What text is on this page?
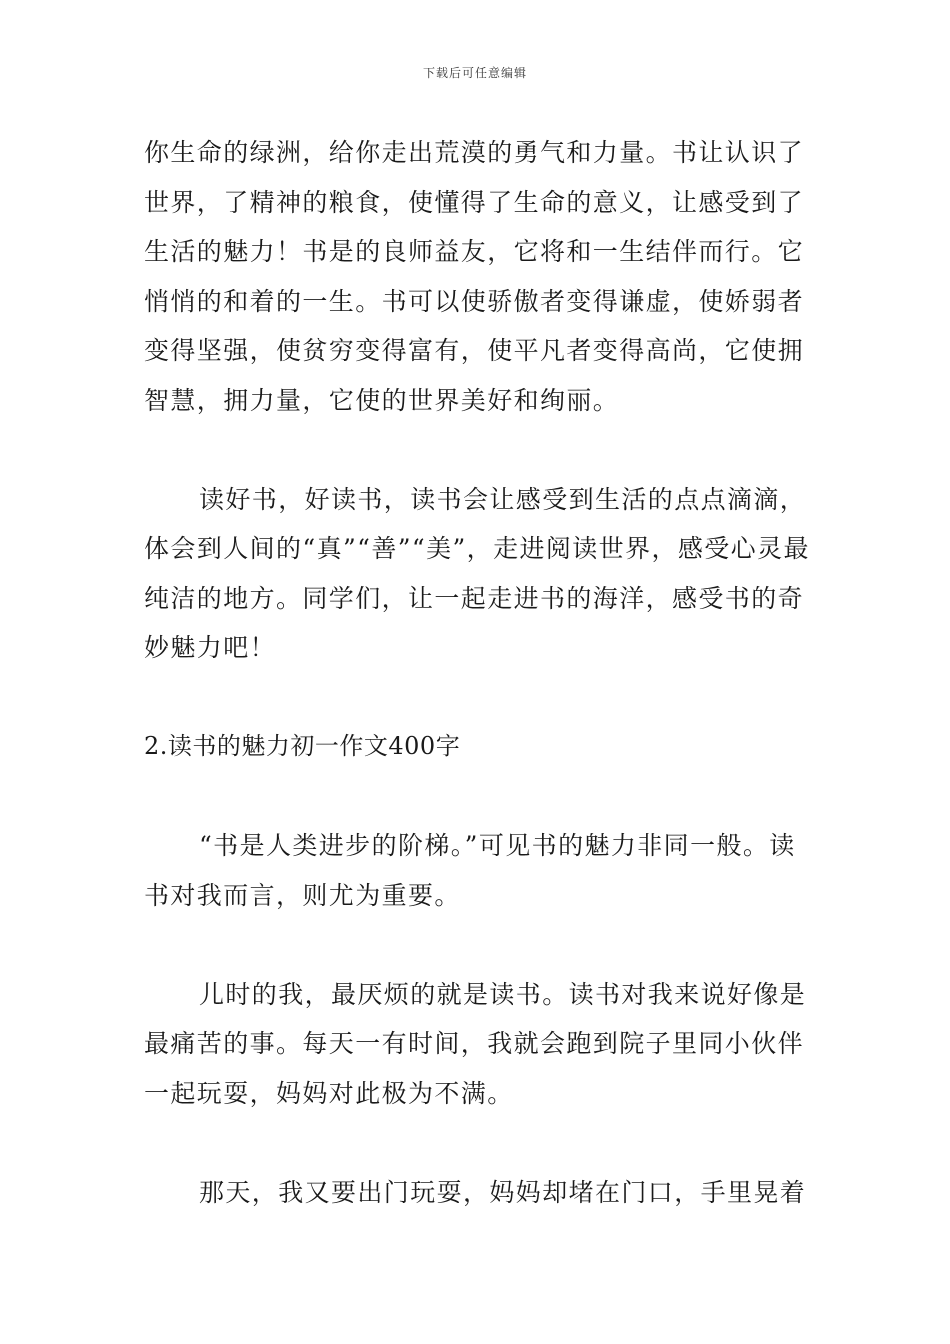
下载后可任意编辑

你生命的绿洲，给你走出荒漠的勇气和力量。书让认识了世界，了精神的粮食，使懂得了生命的意义，让感受到了生活的魅力！书是的良师益友，它将和一生结伴而行。它悄悄的和着的一生。书可以使骄傲者变得谦虚，使娇弱者变得坚强，使贫穷变得富有，使平凡者变得高尚，它使拥智慧，拥力量，它使的世界美好和绚丽。

读好书，好读书，读书会让感受到生活的点点滴滴，体会到人间的“真”“善”“美”，走进阅读世界，感受心灵最纯洁的地方。同学们，让一起走进书的海洋，感受书的奇妙魅力吧！

2.读书的魅力初一作文400字

“书是人类进步的阶梯。”可见书的魅力非同一般。读书对我而言，则尤为重要。

儿时的我，最厌烦的就是读书。读书对我来说好像是最痛苦的事。每天一有时间，我就会跑到院子里同小伙伴一起玩耍，妈妈对此极为不满。

那天，我又要出门玩耍，妈妈却堵在门口，手里晃着
